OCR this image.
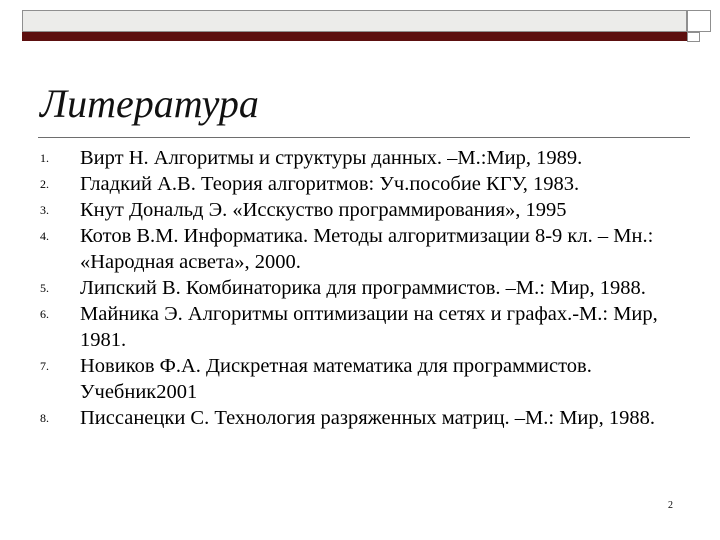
Литература
1. Вирт Н. Алгоритмы и структуры данных. –М.:Мир, 1989.
2. Гладкий А.В. Теория алгоритмов: Уч.пособие КГУ, 1983.
3. Кнут Дональд Э. «Исскуство программирования», 1995
4. Котов В.М. Информатика. Методы алгоритмизации 8-9 кл. – Мн.: «Народная асвета», 2000.
5. Липский В. Комбинаторика для программистов. –М.: Мир, 1988.
6. Майника Э. Алгоритмы оптимизации на сетях и графах.-М.: Мир, 1981.
7. Новиков Ф.А. Дискретная математика для программистов. Учебник2001
8. Писсанецки С. Технология разряженных матриц. –М.: Мир, 1988.
2
